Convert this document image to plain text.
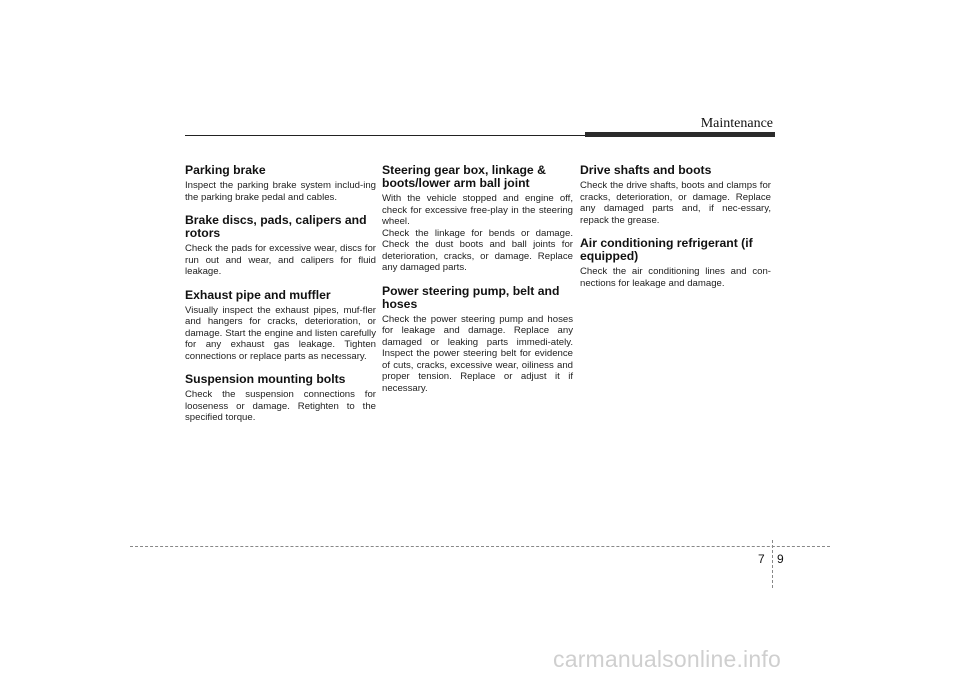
Maintenance
Parking brake

Inspect the parking brake system includ-ing the parking brake pedal and cables.

Brake discs, pads, calipers and rotors

Check the pads for excessive wear, discs for run out and wear, and calipers for fluid leakage.

Exhaust pipe and muffler

Visually inspect the exhaust pipes, muf-fler and hangers for cracks, deterioration, or damage. Start the engine and listen carefully for any exhaust gas leakage. Tighten connections or replace parts as necessary.

Suspension mounting bolts

Check the suspension connections for looseness or damage. Retighten to the specified torque.

Steering gear box, linkage & boots/lower arm ball joint

With the vehicle stopped and engine off, check for excessive free-play in the steering wheel.

Check the linkage for bends or damage. Check the dust boots and ball joints for deterioration, cracks, or damage. Replace any damaged parts.

Power steering pump, belt and hoses

Check the power steering pump and hoses for leakage and damage. Replace any damaged or leaking parts immedi-ately. Inspect the power steering belt for evidence of cuts, cracks, excessive wear, oiliness and proper tension. Replace or adjust it if necessary.

Drive shafts and boots

Check the drive shafts, boots and clamps for cracks, deterioration, or damage. Replace any damaged parts and, if nec-essary, repack the grease.

Air conditioning refrigerant (if equipped)

Check the air conditioning lines and con-nections for leakage and damage.

7 9
carmanualsonline.info
